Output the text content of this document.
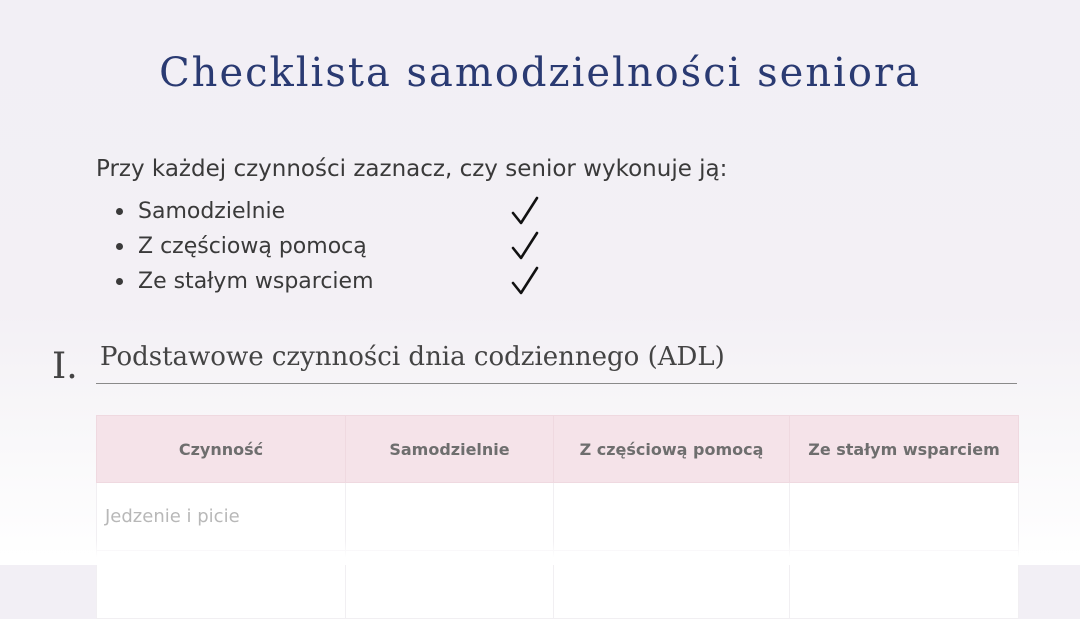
Checklista samodzielności seniora

Przy każdej czynności zaznacz, czy senior wykonuje ją:

Samodzielnie
Z częściową pomocą
Ze stałym wsparciem
I. Podstawowe czynności dnia codziennego (ADL)
Czynność	Samodzielnie	Z częściową pomocą	Ze stałym wsparciem
Jedzenie i picie			
